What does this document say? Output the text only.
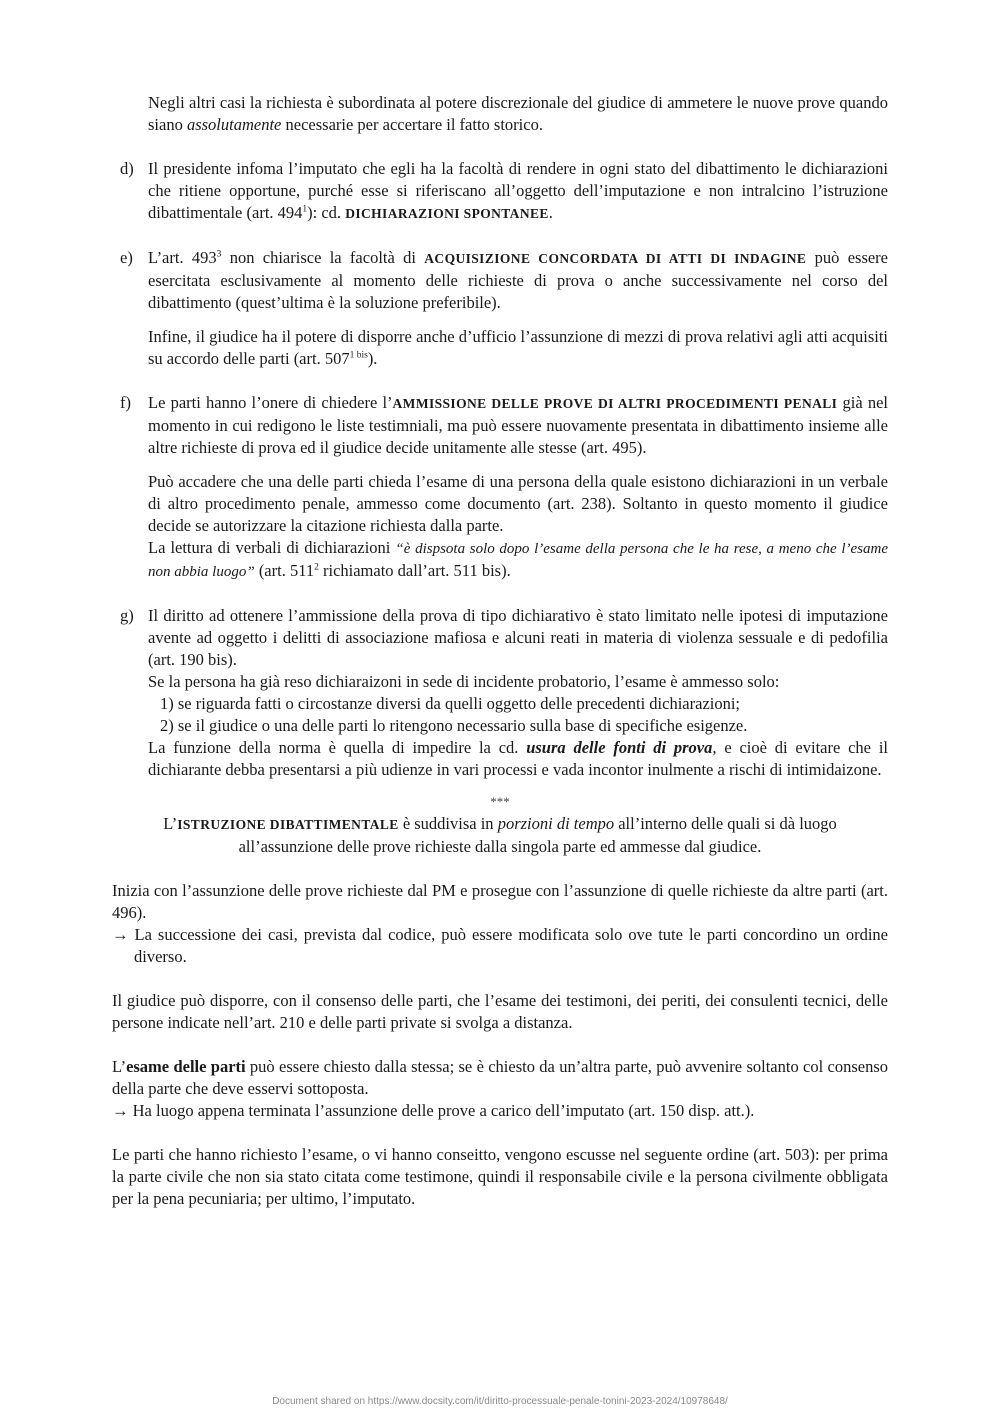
Negli altri casi la richiesta è subordinata al potere discrezionale del giudice di ammetere le nuove prove quando siano assolutamente necessarie per accertare il fatto storico.

d) Il presidente infoma l’imputato che egli ha la facoltà di rendere in ogni stato del dibattimento le dichiarazioni che ritiene opportune, purché esse si riferiscano all’oggetto dell’imputazione e non intralcino l’istruzione dibattimentale (art. $494^1$): cd. DICHIARAZIONI SPONTANEE.

e) L’art. $493^3$ non chiarisce la facoltà di ACQUISIZIONE CONCORDATA DI ATTI DI INDAGINE può essere esercitata esclusivamente al momento delle richieste di prova o anche successivamente nel corso del dibattimento (quest’ultima è la soluzione preferibile).

Infine, il giudice ha il potere di disporre anche d’ufficio l’assunzione di mezzi di prova relativi agli atti acquisiti su accordo delle parti (art. $507^{1 bis}$).

f) Le parti hanno l’onere di chiedere l’AMMISSIONE DELLE PROVE DI ALTRI PROCEDIMENTI PENALI già nel momento in cui redigono le liste testimniali, ma può essere nuovamente presentata in dibattimento insieme alle altre richieste di prova ed il giudice decide unitamente alle stesse (art. 495).

Può accadere che una delle parti chieda l’esame di una persona della quale esistono dichiarazioni in un verbale di altro procedimento penale, ammesso come documento (art. 238). Soltanto in questo momento il giudice decide se autorizzare la citazione richiesta dalla parte.

La lettura di verbali di dichiarazioni “è dispsota solo dopo l’esame della persona che le ha rese, a meno che l’esame non abbia luogo” (art. $511^2$ richiamato dall’art. 511 bis).

g) Il diritto ad ottenere l’ammissione della prova di tipo dichiarativo è stato limitato nelle ipotesi di imputazione avente ad oggetto i delitti di associazione mafiosa e alcuni reati in materia di violenza sessuale e di pedofilia (art. 190 bis).

Se la persona ha già reso dichiaraizoni in sede di incidente probatorio, l’esame è ammesso solo:

1) se riguarda fatti o circostanze diversi da quelli oggetto delle precedenti dichiarazioni;

2) se il giudice o una delle parti lo ritengono necessario sulla base di specifiche esigenze.

La funzione della norma è quella di impedire la cd. usura delle fonti di prova, e cioè di evitare che il dichiarante debba presentarsi a più udienze in vari processi e vada incontor inulmente a rischi di intimidaizone.

***

L’ISTRUZIONE DIBATTIMENTALE è suddivisa in porzioni di tempo all’interno delle quali si dà luogo all’assunzione delle prove richieste dalla singola parte ed ammesse dal giudice.

Inizia con l’assunzione delle prove richieste dal PM e prosegue con l’assunzione di quelle richieste da altre parti (art. 496).

→ La successione dei casi, prevista dal codice, può essere modificata solo ove tute le parti concordino un ordine diverso.

Il giudice può disporre, con il consenso delle parti, che l’esame dei testimoni, dei periti, dei consulenti tecnici, delle persone indicate nell’art. 210 e delle parti private si svolga a distanza.

L’esame delle parti può essere chiesto dalla stessa; se è chiesto da un’altra parte, può avvenire soltanto col consenso della parte che deve esservi sottoposta.

→ Ha luogo appena terminata l’assunzione delle prove a carico dell’imputato (art. 150 disp. att.).

Le parti che hanno richiesto l’esame, o vi hanno conseitto, vengono escusse nel seguente ordine (art. 503): per prima la parte civile che non sia stato citata come testimone, quindi il responsabile civile e la persona civilmente obbligata per la pena pecuniaria; per ultimo, l’imputato.

Document shared on https://www.docsity.com/it/diritto-processuale-penale-tonini-2023-2024/10978648/
